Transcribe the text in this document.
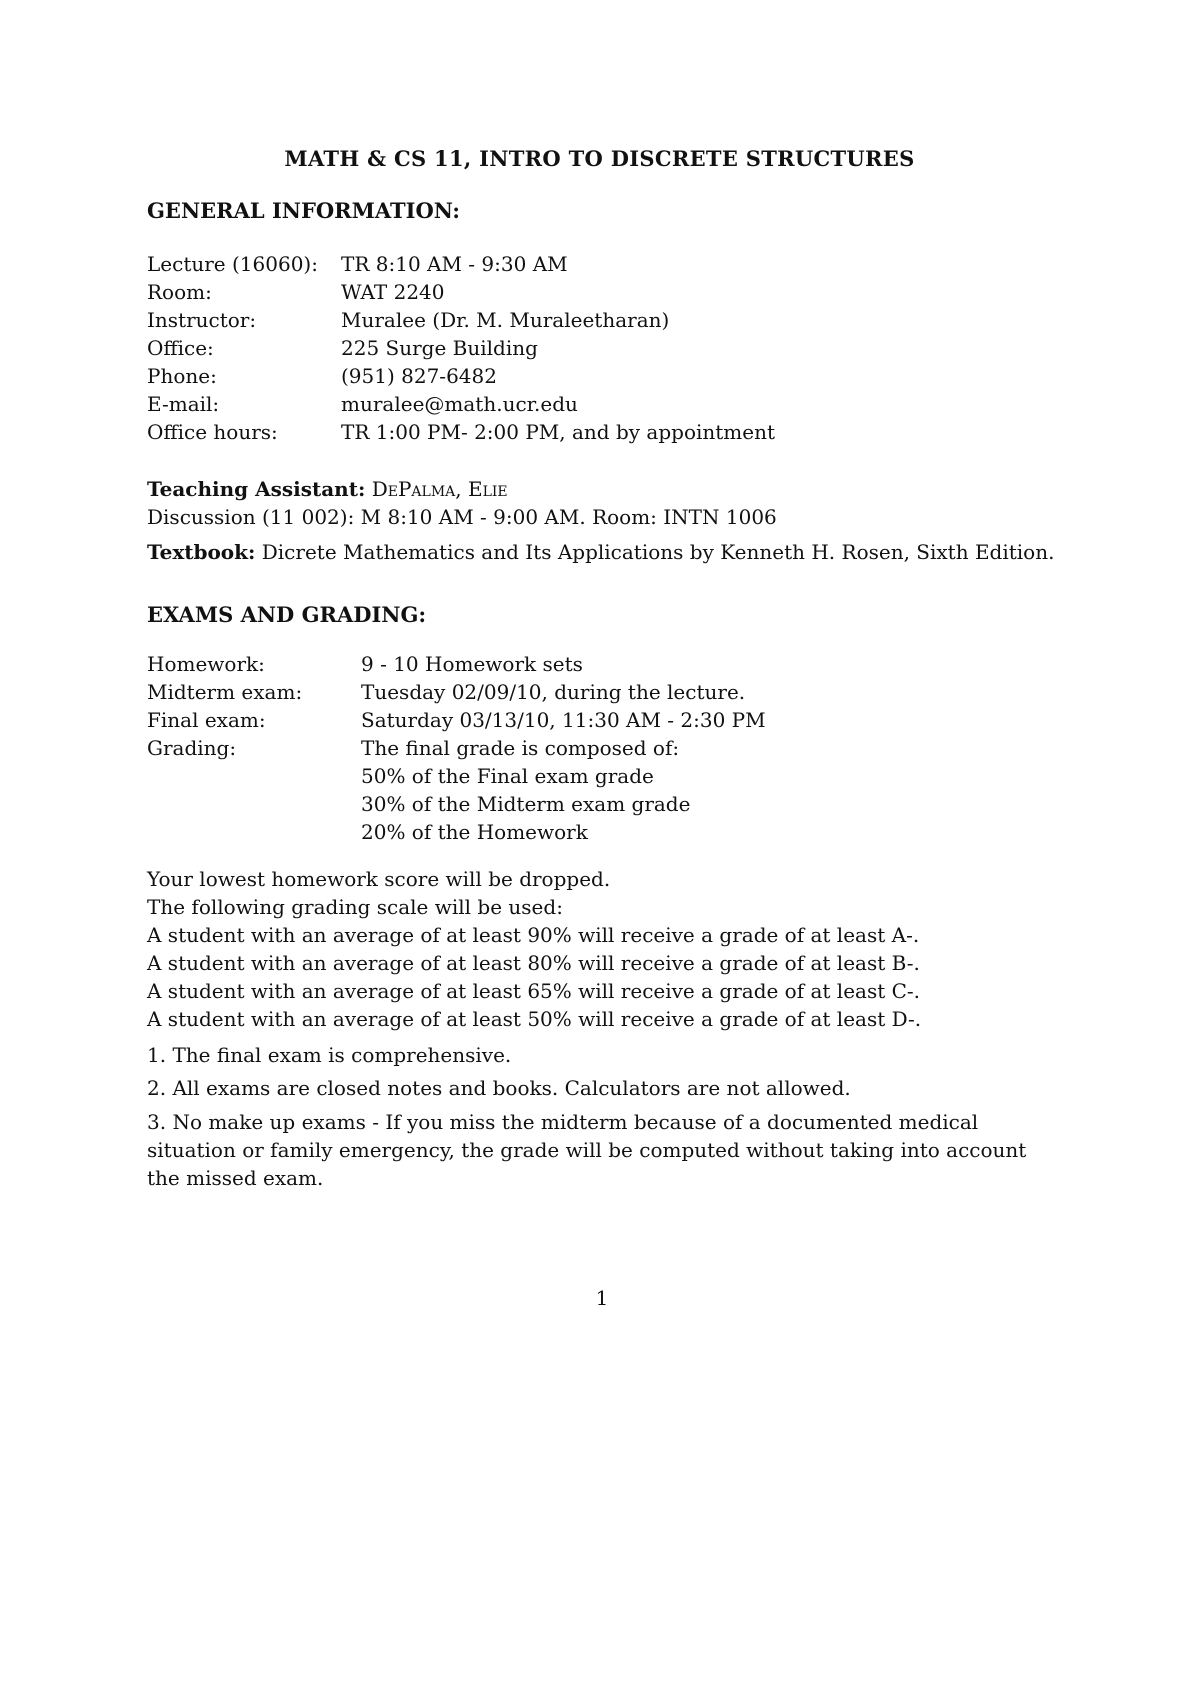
MATH & CS 11, INTRO TO DISCRETE STRUCTURES
GENERAL INFORMATION:
Lecture (16060):	TR 8:10 AM - 9:30 AM
Room:	WAT 2240
Instructor:	Muralee (Dr. M. Muraleetharan)
Office:	225 Surge Building
Phone:	(951) 827-6482
E-mail:	muralee@math.ucr.edu
Office hours:	TR 1:00 PM- 2:00 PM, and by appointment
Teaching Assistant: DePalma, Elie
Discussion (11 002): M 8:10 AM - 9:00 AM. Room: INTN 1006
Textbook: Dicrete Mathematics and Its Applications by Kenneth H. Rosen, Sixth Edition.
EXAMS AND GRADING:
Homework:	9 - 10 Homework sets
Midterm exam:	Tuesday 02/09/10, during the lecture.
Final exam:	Saturday 03/13/10, 11:30 AM - 2:30 PM
Grading:	The final grade is composed of:
50% of the Final exam grade
30% of the Midterm exam grade
20% of the Homework
Your lowest homework score will be dropped.
The following grading scale will be used:
A student with an average of at least 90% will receive a grade of at least A-.
A student with an average of at least 80% will receive a grade of at least B-.
A student with an average of at least 65% will receive a grade of at least C-.
A student with an average of at least 50% will receive a grade of at least D-.
1. The final exam is comprehensive.
2. All exams are closed notes and books. Calculators are not allowed.
3. No make up exams - If you miss the midterm because of a documented medical situation or family emergency, the grade will be computed without taking into account the missed exam.
1
